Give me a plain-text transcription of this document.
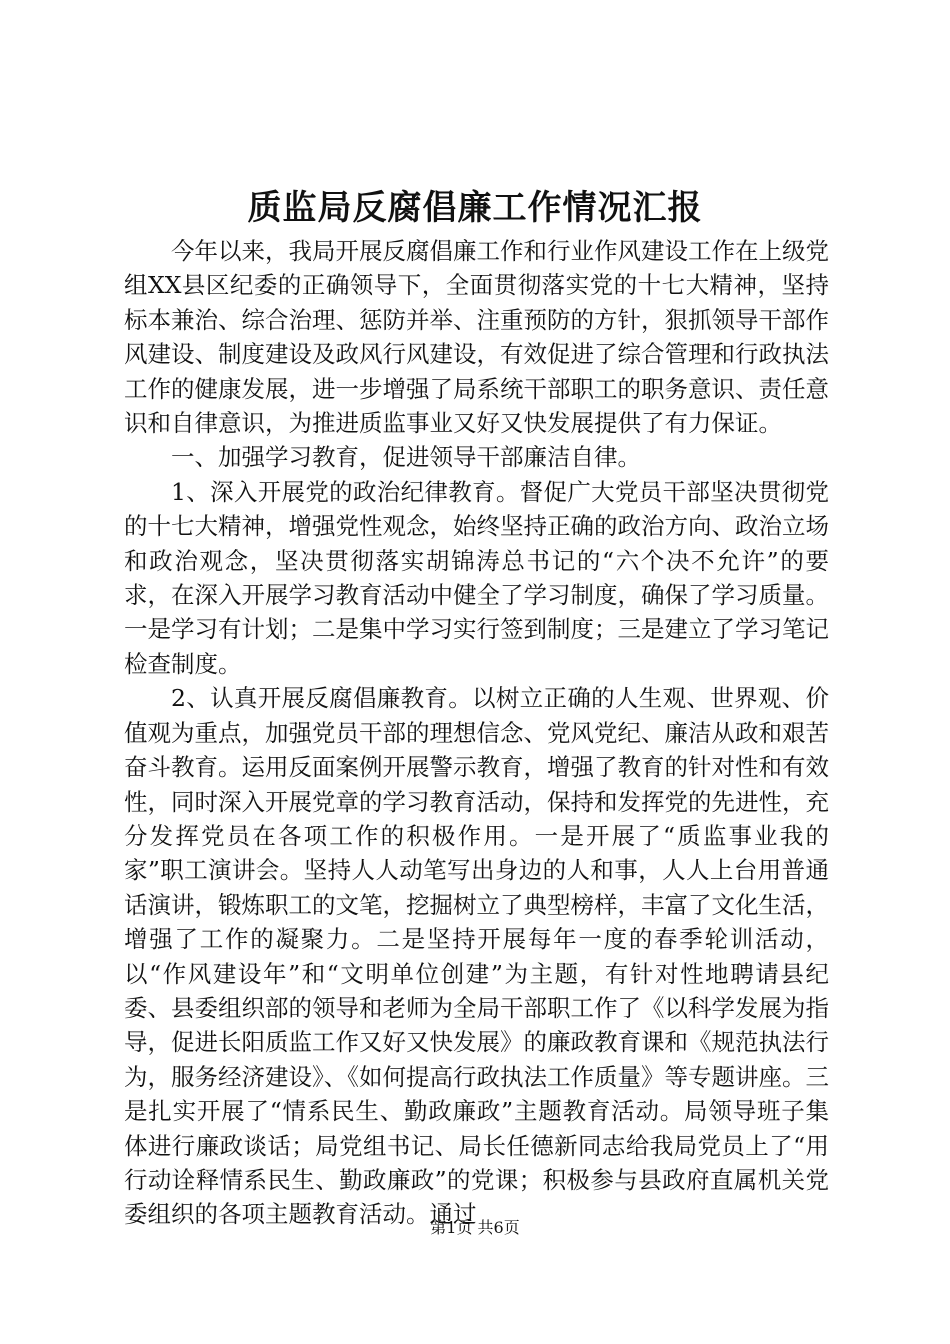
质监局反腐倡廉工作情况汇报

今年以来，我局开展反腐倡廉工作和行业作风建设工作在上级党组XX县区纪委的正确领导下，全面贯彻落实党的十七大精神，坚持标本兼治、综合治理、惩防并举、注重预防的方针，狠抓领导干部作风建设、制度建设及政风行风建设，有效促进了综合管理和行政执法工作的健康发展，进一步增强了局系统干部职工的职务意识、责任意识和自律意识，为推进质监事业又好又快发展提供了有力保证。

一、加强学习教育，促进领导干部廉洁自律。

1、深入开展党的政治纪律教育。督促广大党员干部坚决贯彻党的十七大精神，增强党性观念，始终坚持正确的政治方向、政治立场和政治观念，坚决贯彻落实胡锦涛总书记的“六个决不允许”的要求，在深入开展学习教育活动中健全了学习制度，确保了学习质量。一是学习有计划；二是集中学习实行签到制度；三是建立了学习笔记检查制度。

2、认真开展反腐倡廉教育。以树立正确的人生观、世界观、价值观为重点，加强党员干部的理想信念、党风党纪、廉洁从政和艰苦奋斗教育。运用反面案例开展警示教育，增强了教育的针对性和有效性，同时深入开展党章的学习教育活动，保持和发挥党的先进性，充分发挥党员在各项工作的积极作用。一是开展了“质监事业我的家”职工演讲会。坚持人人动笔写出身边的人和事，人人上台用普通话演讲，锻炼职工的文笔，挖掘树立了典型榜样，丰富了文化生活，增强了工作的凝聚力。二是坚持开展每年一度的春季轮训活动，以“作风建设年”和“文明单位创建”为主题，有针对性地聘请县纪委、县委组织部的领导和老师为全局干部职工作了《以科学发展为指导，促进长阳质监工作又好又快发展》的廉政教育课和《规范执法行为，服务经济建设》、《如何提高行政执法工作质量》等专题讲座。三是扎实开展了“情系民生、勤政廉政”主题教育活动。局领导班子集体进行廉政谈话；局党组书记、局长任德新同志给我局党员上了“用行动诠释情系民生、勤政廉政”的党课；积极参与县政府直属机关党委组织的各项主题教育活动。通过

第1页 共6页
